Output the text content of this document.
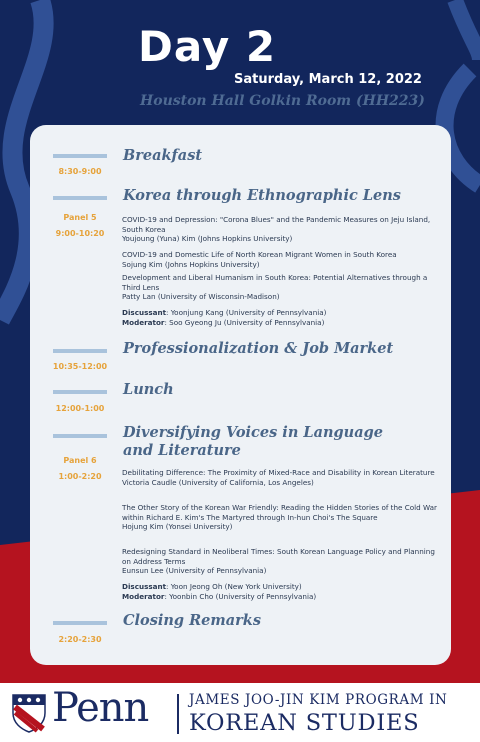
Day 2
Saturday, March 12, 2022
Houston Hall Golkin Room (HH223)
8:30-9:00
Breakfast
Panel 5
9:00-10:20
Korea through Ethnographic Lens
COVID-19 and Depression: "Corona Blues" and the Pandemic Measures on Jeju Island, South Korea
Youjoung (Yuna) Kim (Johns Hopkins University)
COVID-19 and Domestic Life of North Korean Migrant Women in South Korea
Sojung Kim (Johns Hopkins University)
Development and Liberal Humanism in South Korea: Potential Alternatives through a Third Lens
Patty Lan (University of Wisconsin-Madison)
Discussant: Yoonjung Kang (University of Pennsylvania)
Moderator: Soo Gyeong Ju (University of Pennsylvania)
10:35-12:00
Professionalization & Job Market
12:00-1:00
Lunch
Panel 6
1:00-2:20
Diversifying Voices in Language
and Literature
Debilitating Difference: The Proximity of Mixed-Race and Disability in Korean Literature
Victoria Caudle (University of California, Los Angeles)
The Other Story of the Korean War Friendly: Reading the Hidden Stories of the Cold War within Richard E. Kim's The Martyred through In-hun Choi's The Square
Hojung Kim (Yonsei University)
Redesigning Standard in Neoliberal Times: South Korean Language Policy and Planning on Address Terms
Eunsun Lee (University of Pennsylvania)
Discussant: Yoon Jeong Oh (New York University)
Moderator: Yoonbin Cho (University of Pennsylvania)
2:20-2:30
Closing Remarks
Penn	JAMES JOO-JIN KIM PROGRAM IN
KOREAN STUDIES
